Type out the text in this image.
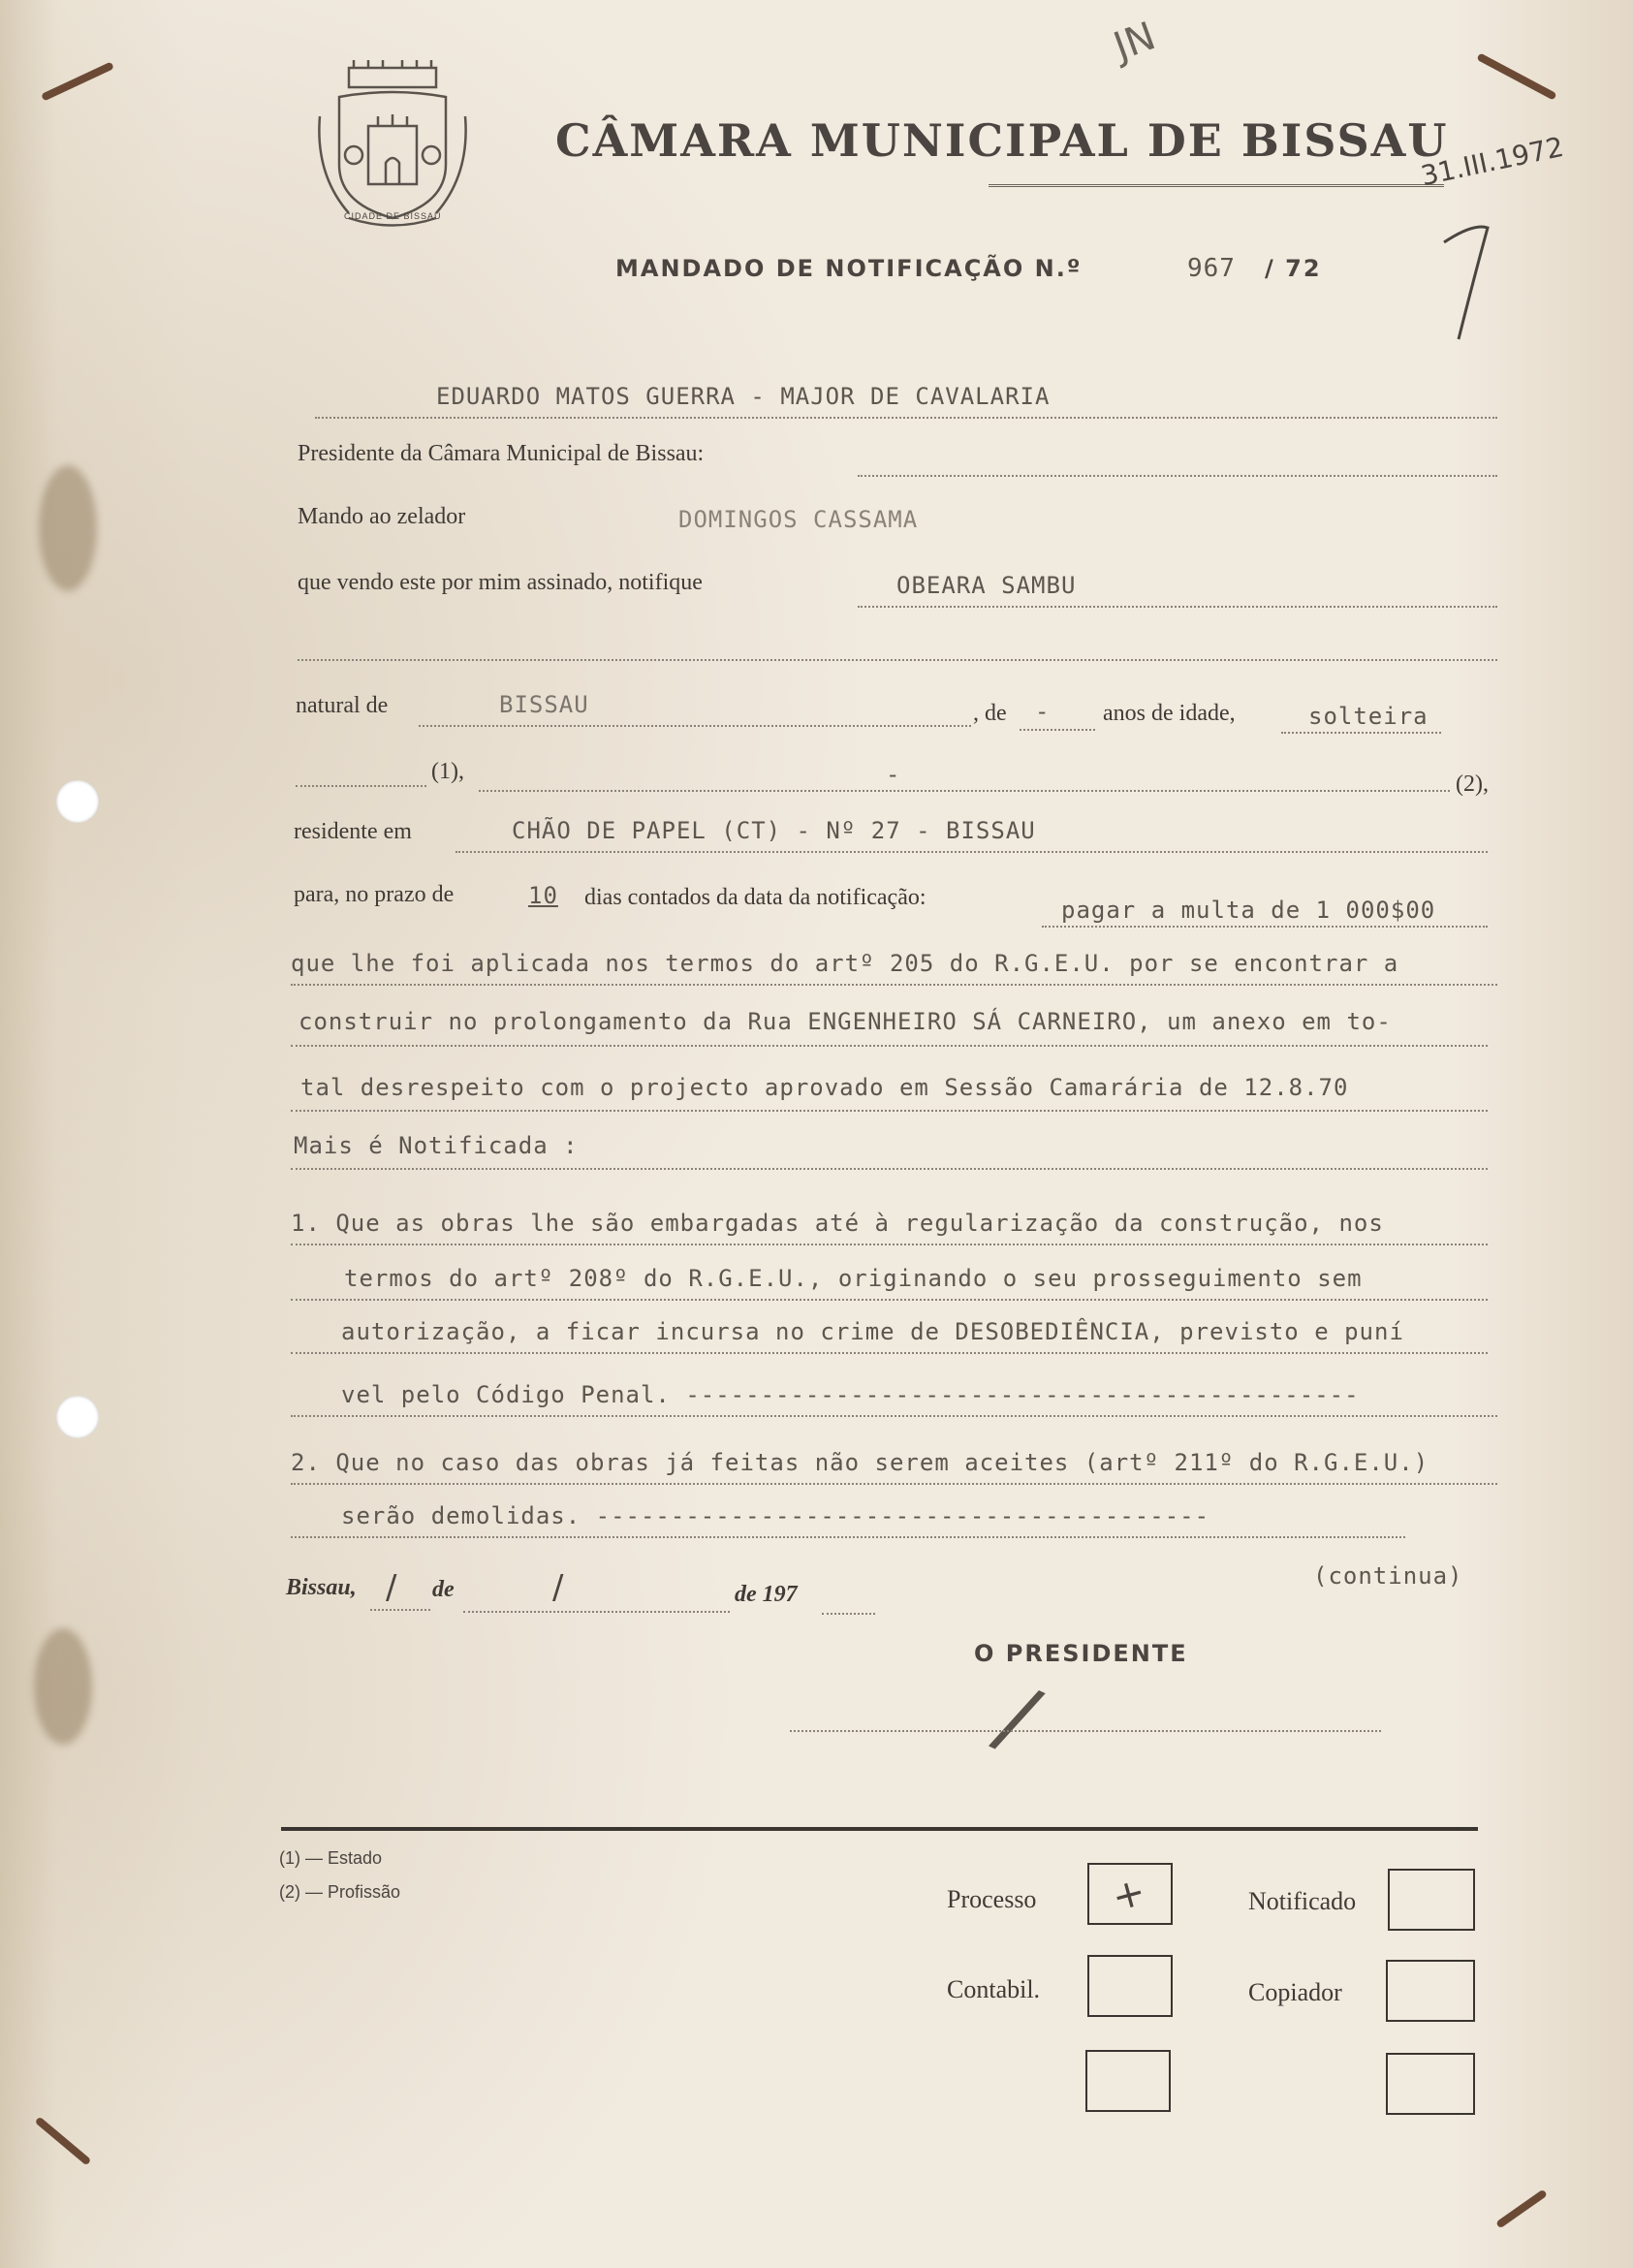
CIDADE DE BISSAU
CÂMARA MUNICIPAL DE BISSAU
31.III.1972
JN
MANDADO DE NOTIFICAÇÃO N.º	967 / 72
EDUARDO MATOS GUERRA - MAJOR DE CAVALARIA
Presidente da Câmara Municipal de Bissau:
Mando ao zelador	DOMINGOS CASSAMA
que vendo este por mim assinado, notifique	OBEARA SAMBU
natural de	BISSAU	, de - anos de idade,	solteira
(1),	-	(2),
residente em	CHÃO DE PAPEL (CT) - Nº 27 - BISSAU
para, no prazo de	10 dias contados da data da notificação:	pagar a multa de 1 000$00
que lhe foi aplicada nos termos do artº 205 do R.G.E.U. por se encontrar a
construir no prolongamento da Rua ENGENHEIRO SÁ CARNEIRO, um anexo em to-
tal desrespeito com o projecto aprovado em Sessão Camarária de 12.8.70
Mais é Notificada :
1. Que as obras lhe são embargadas até à regularização da construção, nos
termos do artº 208º do R.G.E.U., originando o seu prosseguimento sem
autorização, a ficar incursa no crime de DESOBEDIÊNCIA, previsto e puní
vel pelo Código Penal. ---------------------------------------------
2. Que no caso das obras já feitas não serem aceites (artº 211º do R.G.E.U.)
serão demolidas. -----------------------------------------
Bissau, / de	/	de 197
(continua)
O PRESIDENTE
/
(1) — Estado
(2) — Profissão	Processo +	Notificado
Contabil.	Copiador
